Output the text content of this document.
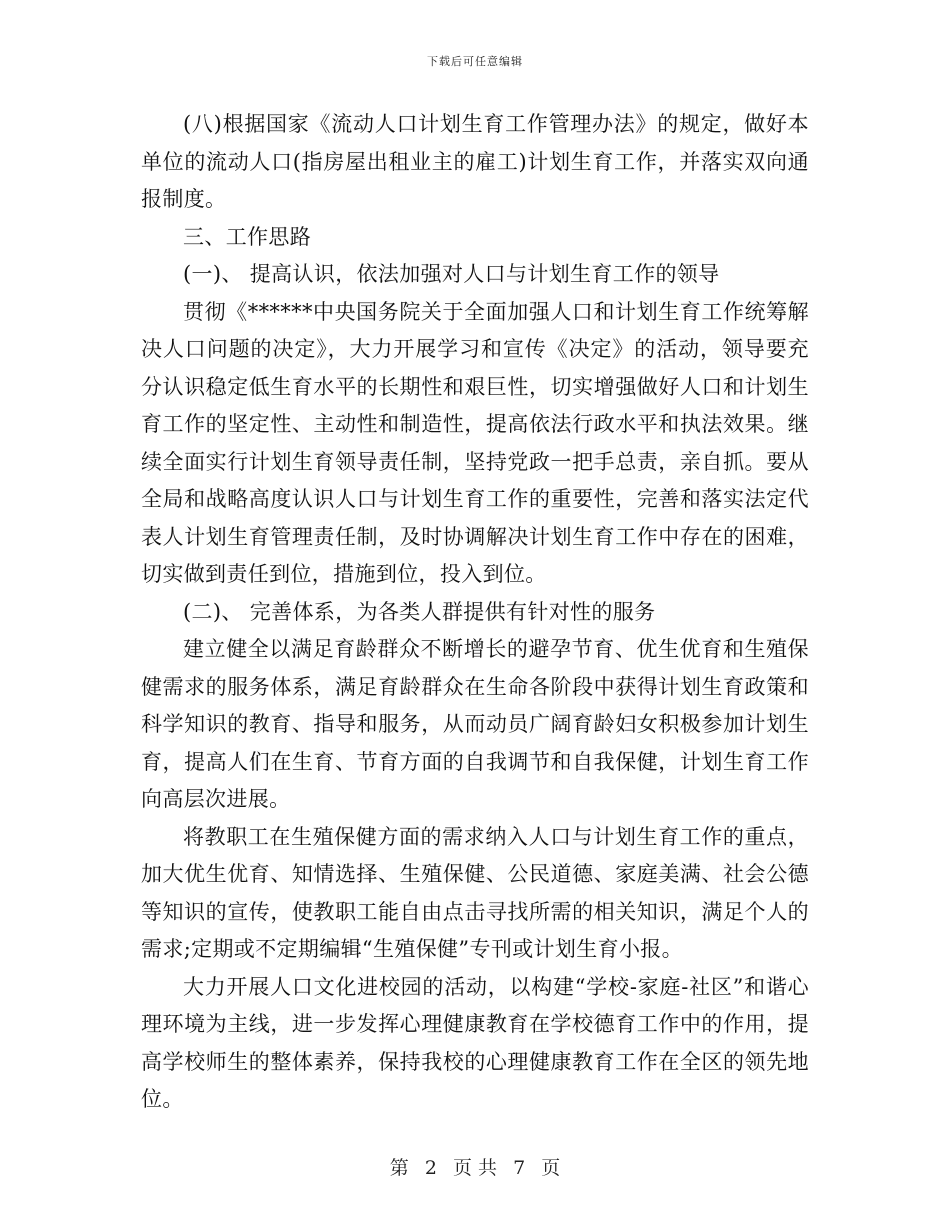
下载后可任意编辑

(八)根据国家《流动人口计划生育工作管理办法》的规定，做好本单位的流动人口(指房屋出租业主的雇工)计划生育工作，并落实双向通报制度。

三、工作思路

(一)、 提高认识，依法加强对人口与计划生育工作的领导

贯彻《******中央国务院关于全面加强人口和计划生育工作统筹解决人口问题的决定》，大力开展学习和宣传《决定》的活动，领导要充分认识稳定低生育水平的长期性和艰巨性，切实增强做好人口和计划生育工作的坚定性、主动性和制造性，提高依法行政水平和执法效果。继续全面实行计划生育领导责任制，坚持党政一把手总责，亲自抓。要从全局和战略高度认识人口与计划生育工作的重要性，完善和落实法定代表人计划生育管理责任制，及时协调解决计划生育工作中存在的困难，切实做到责任到位，措施到位，投入到位。

(二)、 完善体系，为各类人群提供有针对性的服务

建立健全以满足育龄群众不断增长的避孕节育、优生优育和生殖保健需求的服务体系，满足育龄群众在生命各阶段中获得计划生育政策和科学知识的教育、指导和服务，从而动员广阔育龄妇女积极参加计划生育，提高人们在生育、节育方面的自我调节和自我保健，计划生育工作向高层次进展。

将教职工在生殖保健方面的需求纳入人口与计划生育工作的重点，加大优生优育、知情选择、生殖保健、公民道德、家庭美满、社会公德等知识的宣传，使教职工能自由点击寻找所需的相关知识，满足个人的需求;定期或不定期编辑“生殖保健”专刊或计划生育小报。

大力开展人口文化进校园的活动，以构建“学校-家庭-社区”和谐心理环境为主线，进一步发挥心理健康教育在学校德育工作中的作用，提高学校师生的整体素养，保持我校的心理健康教育工作在全区的领先地位。

第 2 页 共 7 页
